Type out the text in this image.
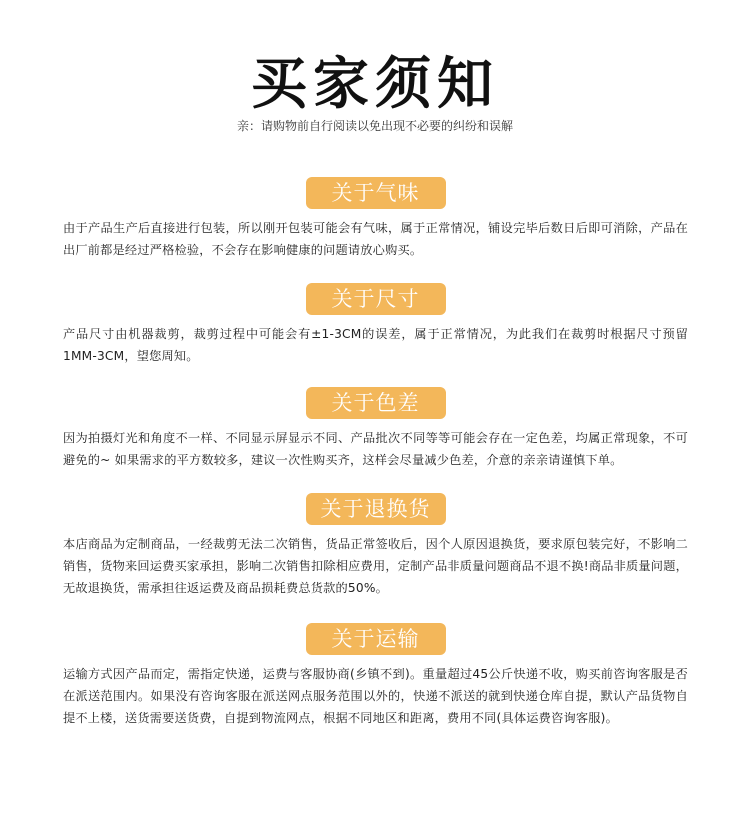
买家须知
亲：请购物前自行阅读以免出现不必要的纠纷和误解
关于气味

由于产品生产后直接进行包装，所以刚开包装可能会有气味，属于正常情况，铺设完毕后数日后即可消除，产品在出厂前都是经过严格检验，不会存在影响健康的问题请放心购买。

关于尺寸

产品尺寸由机器裁剪，裁剪过程中可能会有±1-3CM的误差，属于正常情况，为此我们在裁剪时根据尺寸预留1MM-3CM，望您周知。

关于色差

因为拍摄灯光和角度不一样、不同显示屏显示不同、产品批次不同等等可能会存在一定色差，均属正常现象，不可避免的~ 如果需求的平方数较多，建议一次性购买齐，这样会尽量减少色差，介意的亲亲请谨慎下单。

关于退换货

本店商品为定制商品，一经裁剪无法二次销售，货品正常签收后，因个人原因退换货，要求原包装完好，不影响二销售，货物来回运费买家承担，影响二次销售扣除相应费用，定制产品非质量问题商品不退不换!商品非质量问题，无故退换货，需承担往返运费及商品损耗费总货款的50%。

关于运输

运输方式因产品而定，需指定快递，运费与客服协商(乡镇不到)。重量超过45公斤快递不收，购买前咨询客服是否在派送范围内。如果没有咨询客服在派送网点服务范围以外的，快递不派送的就到快递仓库自提，默认产品货物自提不上楼，送货需要送货费，自提到物流网点，根据不同地区和距离，费用不同(具体运费咨询客服)。
